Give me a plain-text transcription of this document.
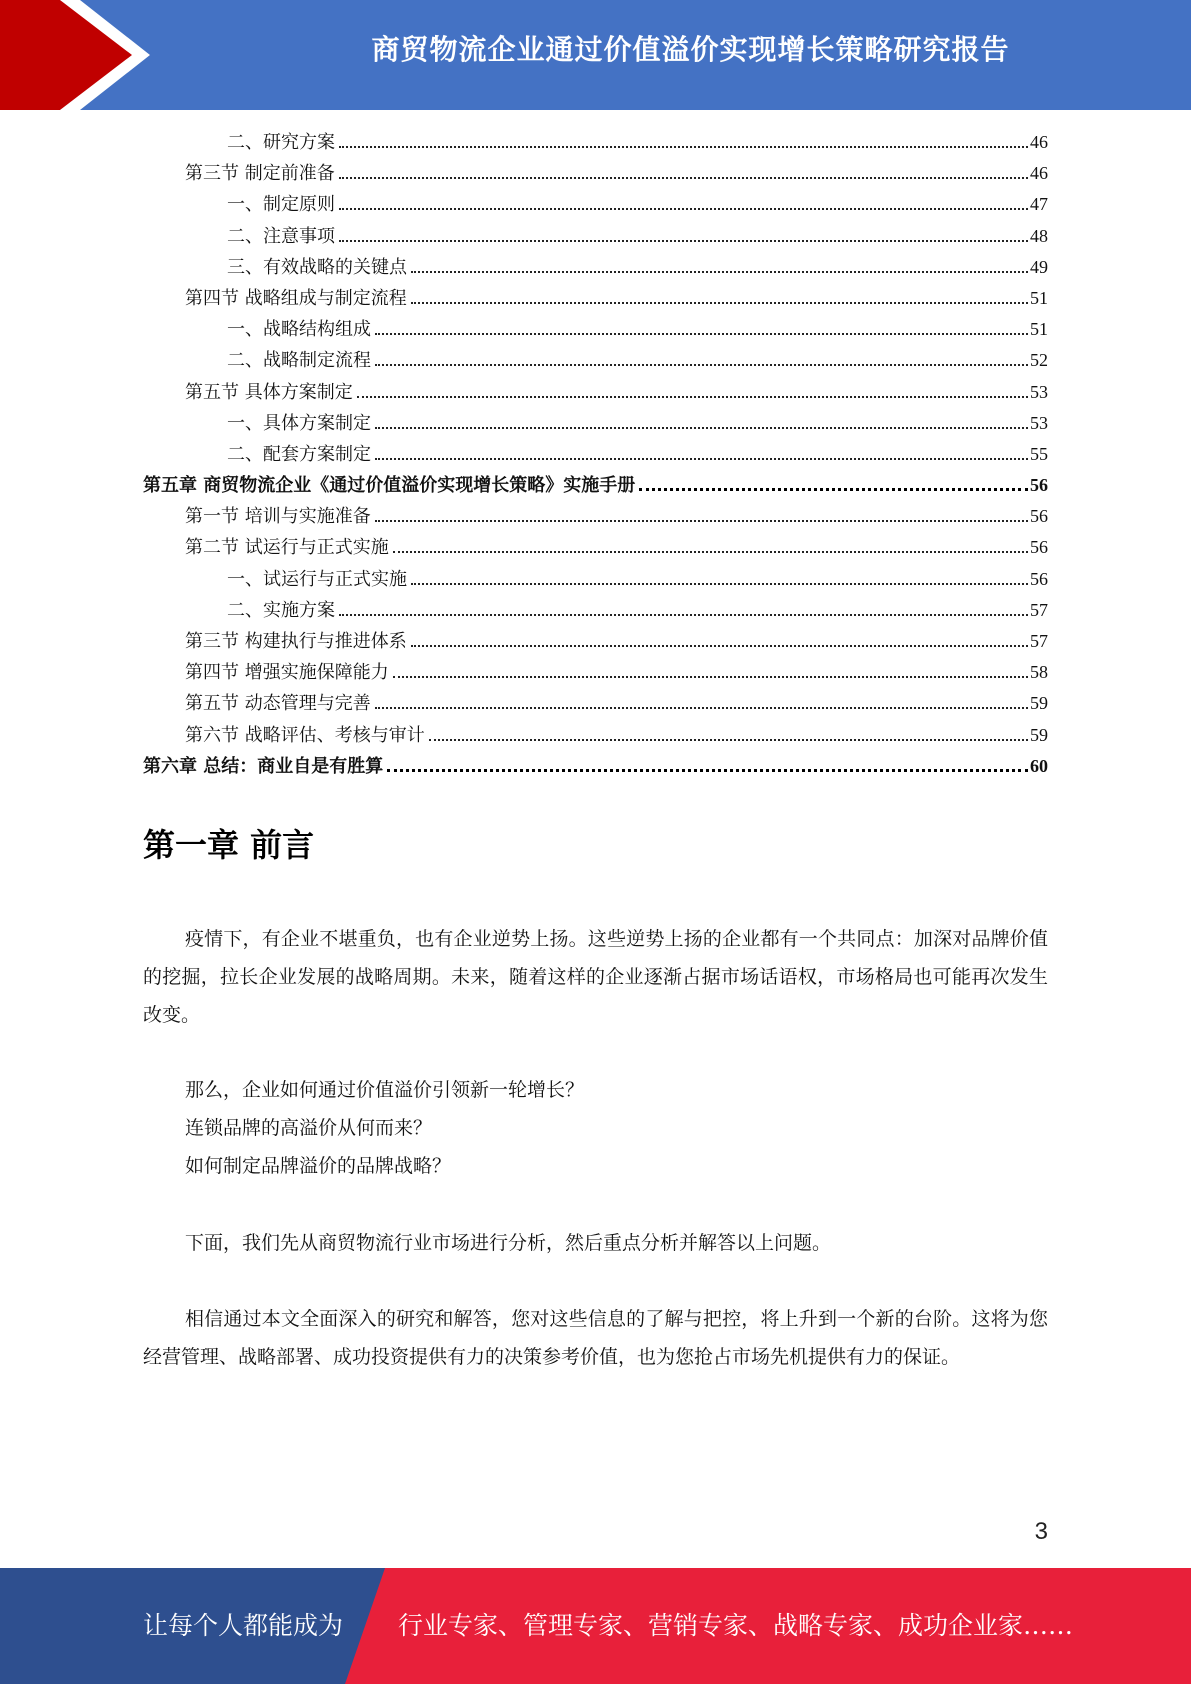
商贸物流企业通过价值溢价实现增长策略研究报告
二、研究方案	46
第三节 制定前准备	46
一、制定原则	47
二、注意事项	48
三、有效战略的关键点	49
第四节 战略组成与制定流程	51
一、战略结构组成	51
二、战略制定流程	52
第五节 具体方案制定	53
一、具体方案制定	53
二、配套方案制定	55
第五章 商贸物流企业《通过价值溢价实现增长策略》实施手册	56
第一节 培训与实施准备	56
第二节 试运行与正式实施	56
一、试运行与正式实施	56
二、实施方案	57
第三节 构建执行与推进体系	57
第四节 增强实施保障能力	58
第五节 动态管理与完善	59
第六节 战略评估、考核与审计	59
第六章 总结：商业自是有胜算	60
第一章 前言
疫情下，有企业不堪重负，也有企业逆势上扬。这些逆势上扬的企业都有一个共同点：加深对品牌价值的挖掘，拉长企业发展的战略周期。未来，随着这样的企业逐渐占据市场话语权，市场格局也可能再次发生改变。
那么，企业如何通过价值溢价引领新一轮增长？
连锁品牌的高溢价从何而来？
如何制定品牌溢价的品牌战略？
下面，我们先从商贸物流行业市场进行分析，然后重点分析并解答以上问题。
相信通过本文全面深入的研究和解答，您对这些信息的了解与把控，将上升到一个新的台阶。这将为您经营管理、战略部署、成功投资提供有力的决策参考价值，也为您抢占市场先机提供有力的保证。
3
让每个人都能成为 行业专家、管理专家、营销专家、战略专家、成功企业家……
